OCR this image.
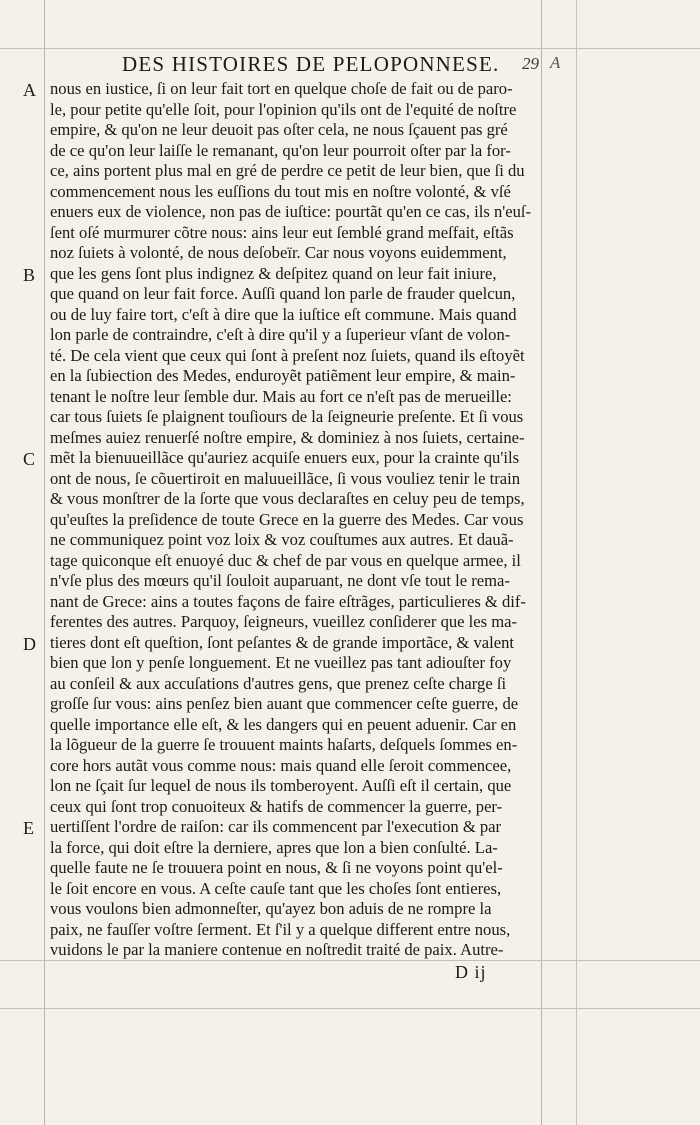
DES HISTOIRES DE PELOPONNESE. 29 A
A
B
C
D
E
nous en iustice, ſi on leur fait tort en quelque choſe de fait ou de paro-
le, pour petite qu'elle ſoit, pour l'opinion qu'ils ont de l'equité de noſtre
empire, & qu'on ne leur deuoit pas oſter cela, ne nous ſçauent pas gré
de ce qu'on leur laiſſe le remanant, qu'on leur pourroit oſter par la for-
ce, ains portent plus mal en gré de perdre ce petit de leur bien, que ſi du
commencement nous les euſſions du tout mis en noſtre volonté, & vſé
enuers eux de violence, non pas de iuſtice: pourtãt qu'en ce cas, ils n'euſ-
ſent oſé murmurer cõtre nous: ains leur eut ſemblé grand meſfait, eſtãs
noz ſuiets à volonté, de nous deſobeïr. Car nous voyons euidemment,
que les gens ſont plus indignez & deſpitez quand on leur fait iniure,
que quand on leur fait force. Auſſi quand lon parle de frauder quelcun,
ou de luy faire tort, c'eſt à dire que la iuſtice eſt commune. Mais quand
lon parle de contraindre, c'eſt à dire qu'il y a ſuperieur vſant de volon-
té. De cela vient que ceux qui ſont à preſent noz ſuiets, quand ils eſtoyẽt
en la ſubiection des Medes, enduroyẽt patiẽment leur empire, & main-
tenant le noſtre leur ſemble dur. Mais au fort ce n'eſt pas de merueille:
car tous ſuiets ſe plaignent touſiours de la ſeigneurie preſente. Et ſi vous
meſmes auiez renuerſé noſtre empire, & dominiez à nos ſuiets, certaine-
mẽt la bienuueillãce qu'auriez acquiſe enuers eux, pour la crainte qu'ils
ont de nous, ſe cõuertiroit en maluueillãce, ſi vous vouliez tenir le train
& vous monſtrer de la ſorte que vous declaraſtes en celuy peu de temps,
qu'euſtes la preſidence de toute Grece en la guerre des Medes. Car vous
ne communiquez point voz loix & voz couſtumes aux autres. Et dauã-
tage quiconque eſt enuoyé duc & chef de par vous en quelque armee, il
n'vſe plus des mœurs qu'il ſouloit auparuant, ne dont vſe tout le rema-
nant de Grece: ains a toutes façons de faire eſtrãges, particulieres & dif-
ferentes des autres. Parquoy, ſeigneurs, vueillez conſiderer que les ma-
tieres dont eſt queſtion, ſont peſantes & de grande importãce, & valent
bien que lon y penſe longuement. Et ne vueillez pas tant adiouſter foy
au conſeil & aux accuſations d'autres gens, que prenez ceſte charge ſi
groſſe ſur vous: ains penſez bien auant que commencer ceſte guerre, de
quelle importance elle eſt, & les dangers qui en peuent aduenir. Car en
la lõgueur de la guerre ſe trouuent maints haſarts, deſquels ſommes en-
core hors autãt vous comme nous: mais quand elle ſeroit commencee,
lon ne ſçait ſur lequel de nous ils tomberoyent. Auſſi eſt il certain, que
ceux qui ſont trop conuoiteux & hatifs de commencer la guerre, per-
uertiſſent l'ordre de raiſon: car ils commencent par l'execution & par
la force, qui doit eſtre la derniere, apres que lon a bien conſulté. La-
quelle faute ne ſe trouuera point en nous, & ſi ne voyons point qu'el-
le ſoit encore en vous. A ceſte cauſe tant que les choſes ſont entieres,
vous voulons bien admonneſter, qu'ayez bon aduis de ne rompre la
paix, ne fauſſer voſtre ſerment. Et ſ'il y a quelque different entre nous,
vuidons le par la maniere contenue en noſtredit traité de paix. Autre-
D ij
